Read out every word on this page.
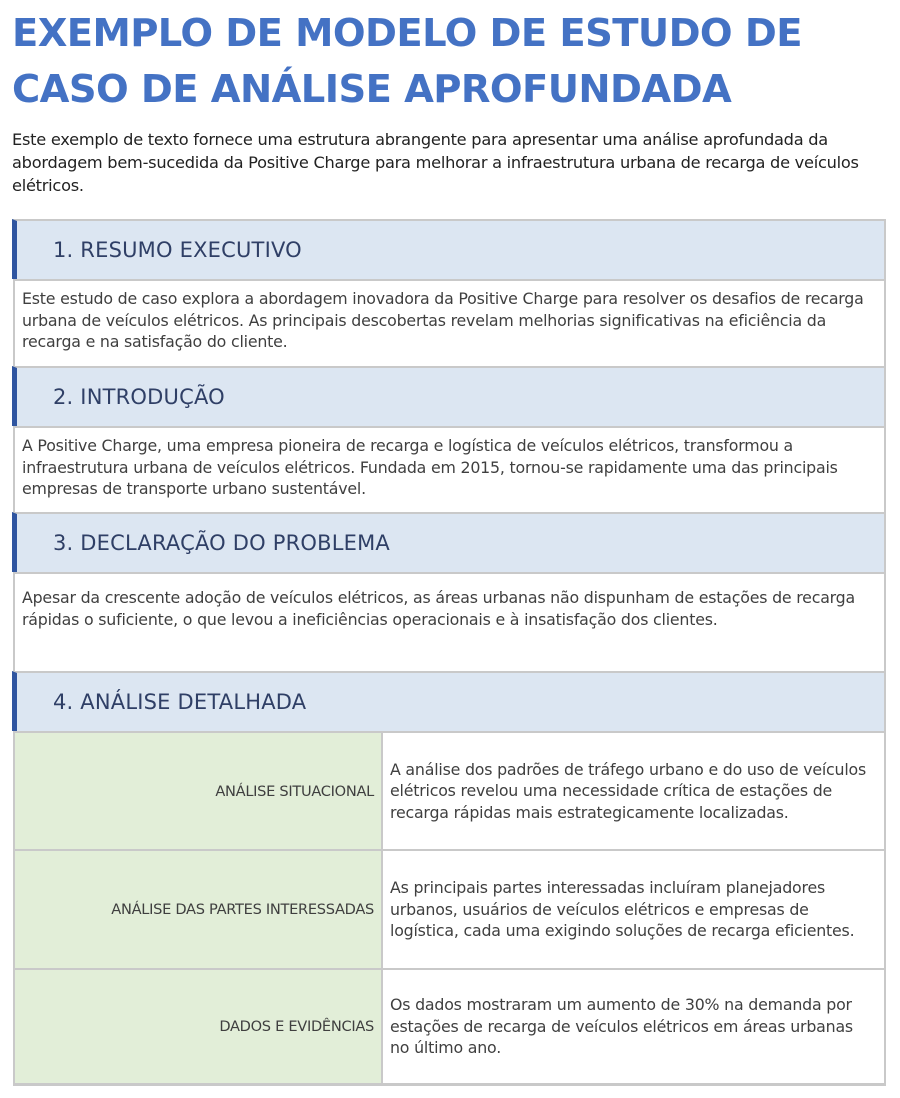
EXEMPLO DE MODELO DE ESTUDO DE CASO DE ANÁLISE APROFUNDADA

Este exemplo de texto fornece uma estrutura abrangente para apresentar uma análise aprofundada da abordagem bem-sucedida da Positive Charge para melhorar a infraestrutura urbana de recarga de veículos elétricos.

1. RESUMO EXECUTIVO
Este estudo de caso explora a abordagem inovadora da Positive Charge para resolver os desafios de recarga urbana de veículos elétricos. As principais descobertas revelam melhorias significativas na eficiência da recarga e na satisfação do cliente.
2. INTRODUÇÃO
A Positive Charge, uma empresa pioneira de recarga e logística de veículos elétricos, transformou a infraestrutura urbana de veículos elétricos. Fundada em 2015, tornou-se rapidamente uma das principais empresas de transporte urbano sustentável.
3. DECLARAÇÃO DO PROBLEMA
Apesar da crescente adoção de veículos elétricos, as áreas urbanas não dispunham de estações de recarga rápidas o suficiente, o que levou a ineficiências operacionais e à insatisfação dos clientes.
4. ANÁLISE DETALHADA
ANÁLISE SITUACIONAL
A análise dos padrões de tráfego urbano e do uso de veículos elétricos revelou uma necessidade crítica de estações de recarga rápidas mais estrategicamente localizadas.
ANÁLISE DAS PARTES INTERESSADAS
As principais partes interessadas incluíram planejadores urbanos, usuários de veículos elétricos e empresas de logística, cada uma exigindo soluções de recarga eficientes.
DADOS E EVIDÊNCIAS
Os dados mostraram um aumento de 30% na demanda por estações de recarga de veículos elétricos em áreas urbanas no último ano.
